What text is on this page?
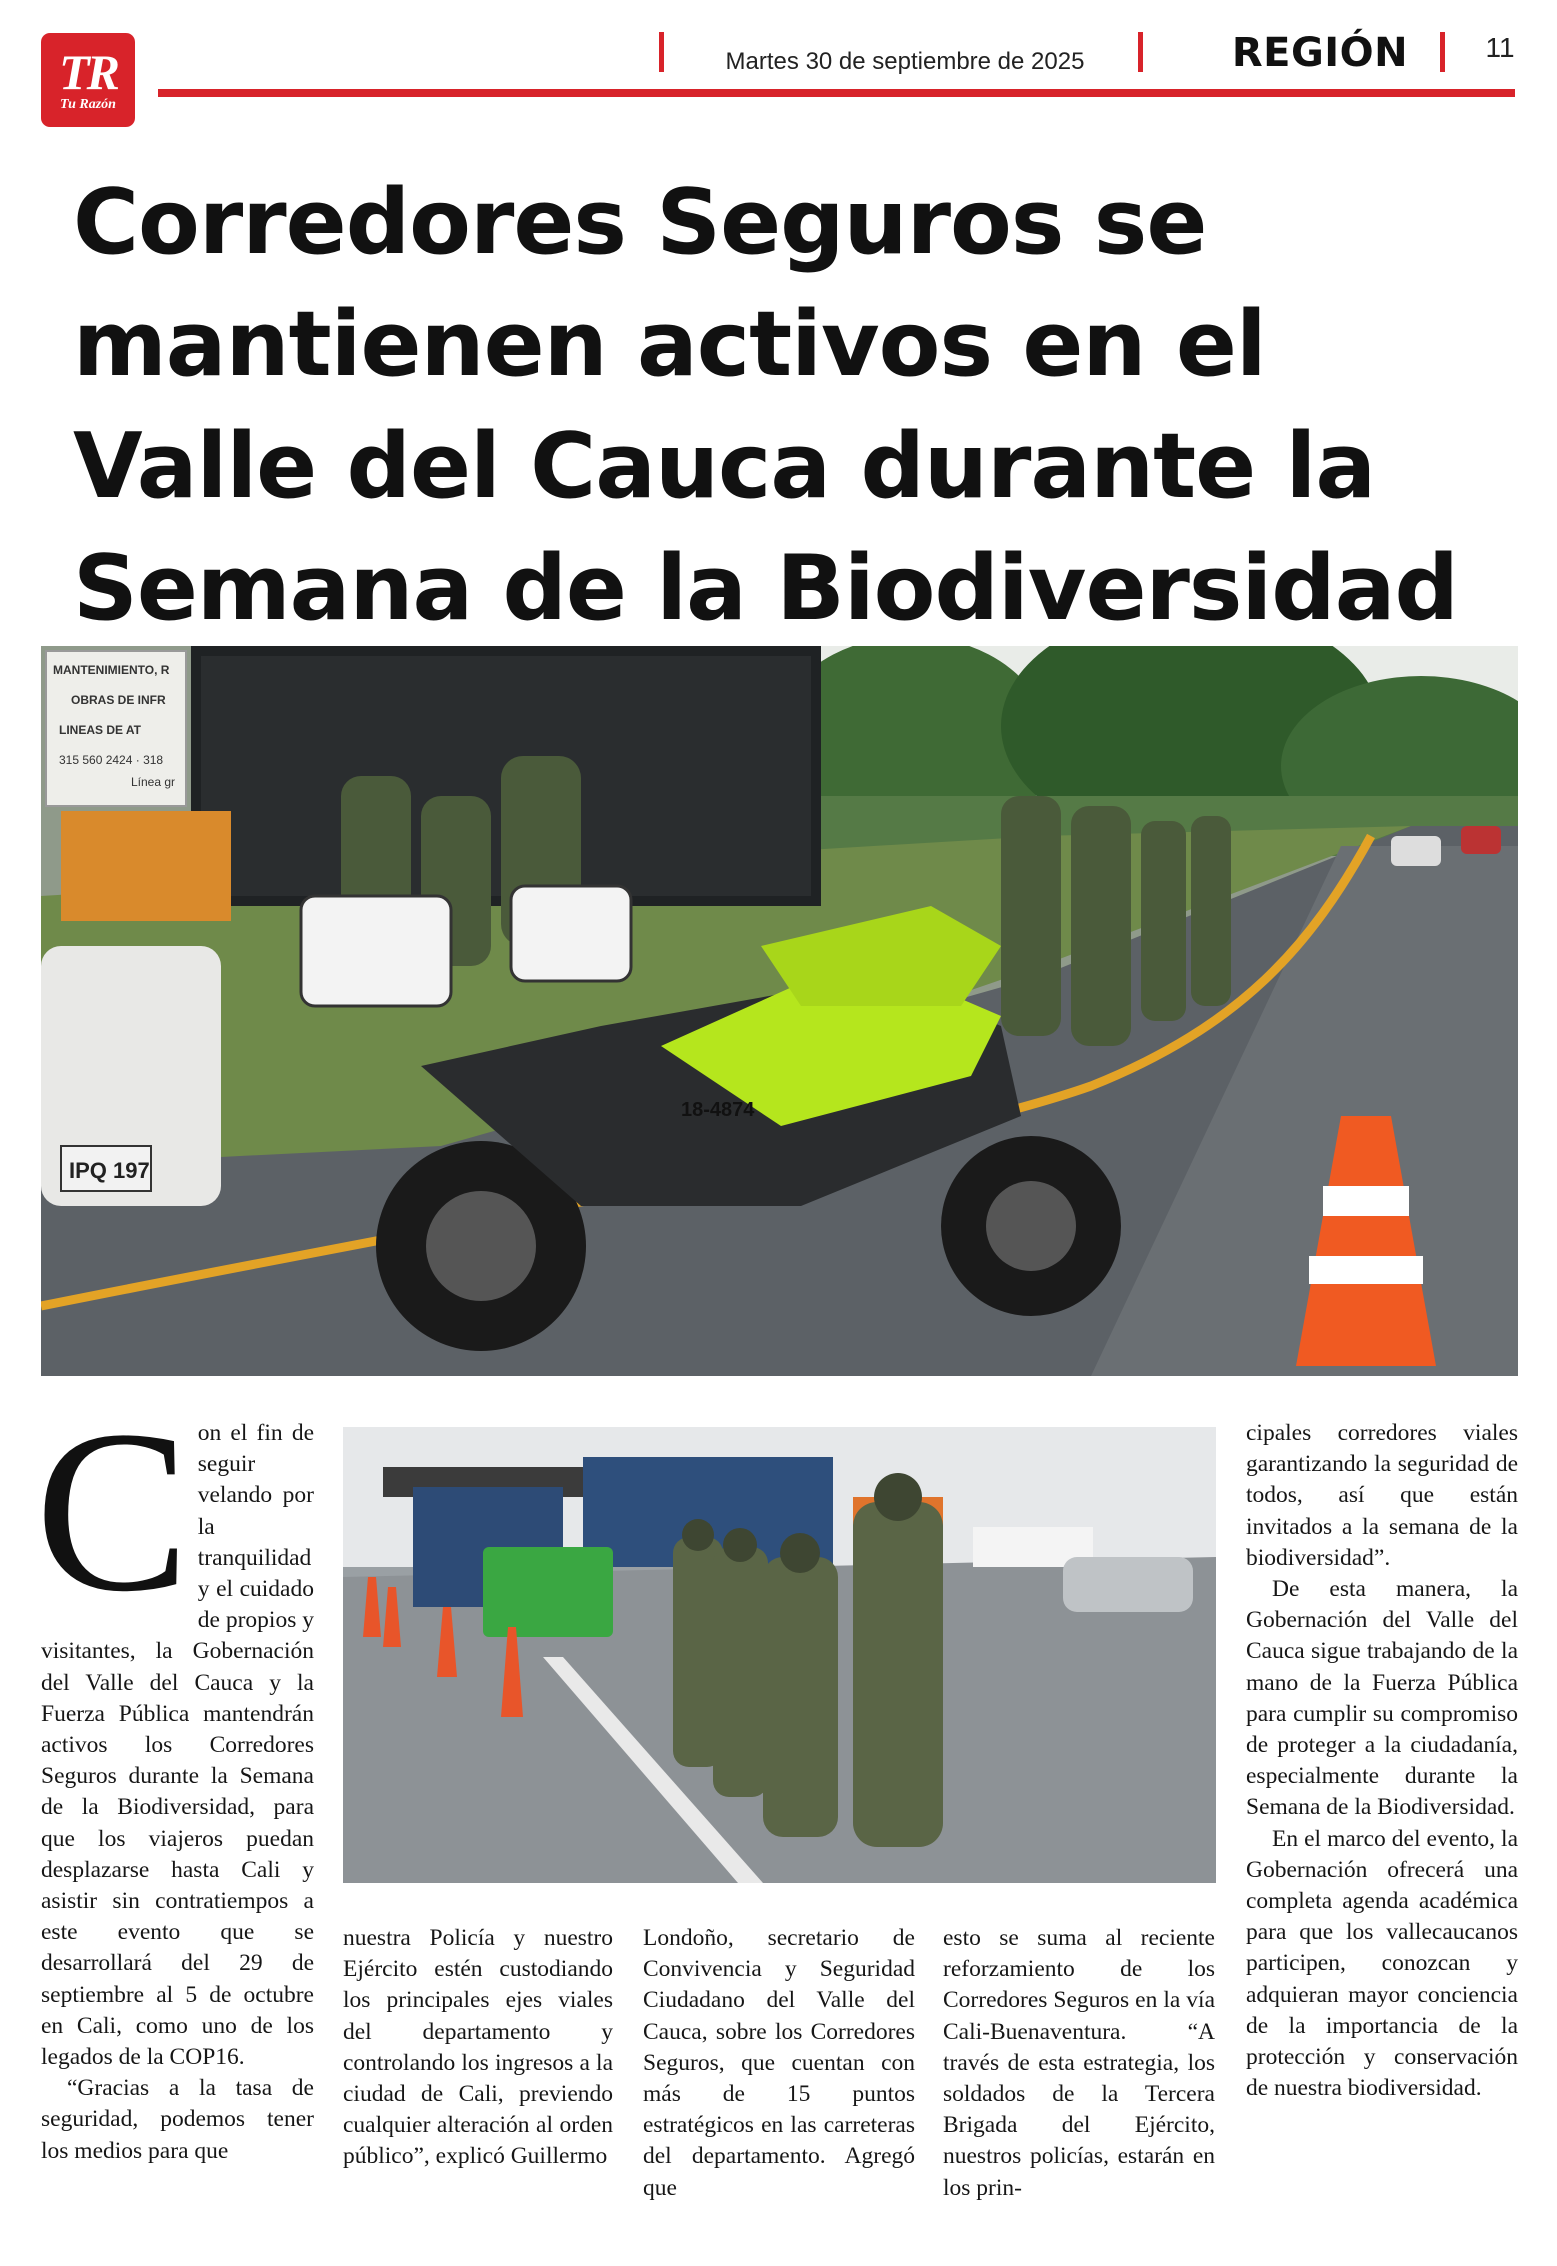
TR
Tu Razón
Martes 30 de septiembre de 2025	REGIÓN	11
Corredores Seguros se mantienen activos en el Valle del Cauca durante la Semana de la Biodiversidad
MANTENIMIENTO, R
OBRAS DE INFR
LINEAS DE AT
315 560 2424 · 318
Línea gr
IPQ 197
18-4874
C on el fin de seguir velando por la tranquilidad y el cuidado de propios y visitantes, la Gobernación del Valle del Cauca y la Fuerza Pública mantendrán activos los Corredores Seguros durante la Semana de la Biodiversidad, para que los viajeros puedan desplazarse hasta Cali y asistir sin contratiempos a este evento que se desarrollará del 29 de septiembre al 5 de octubre en Cali, como uno de los legados de la COP16.

“Gracias a la tasa de seguridad, podemos tener los medios para que

nuestra Policía y nuestro Ejército estén custodiando los principales ejes viales del departamento y controlando los ingresos a la ciudad de Cali, previendo cualquier alteración al orden público”, explicó Guillermo

Londoño, secretario de Convivencia y Seguridad Ciudadano del Valle del Cauca, sobre los Corredores Seguros, que cuentan con más de 15 puntos estratégicos en las carreteras del departamento. Agregó que

esto se suma al reciente reforzamiento de los Corredores Seguros en la vía Cali-Buenaventura. “A través de esta estrategia, los soldados de la Tercera Brigada del Ejército, nuestros policías, estarán en los prin-

cipales corredores viales garantizando la seguridad de todos, así que están invitados a la semana de la biodiversidad”.

De esta manera, la Gobernación del Valle del Cauca sigue trabajando de la mano de la Fuerza Pública para cumplir su compromiso de proteger a la ciudadanía, especialmente durante la Semana de la Biodiversidad.

En el marco del evento, la Gobernación ofrecerá una completa agenda académica para que los vallecaucanos participen, conozcan y adquieran mayor conciencia de la importancia de la protección y conservación de nuestra biodiversidad.
